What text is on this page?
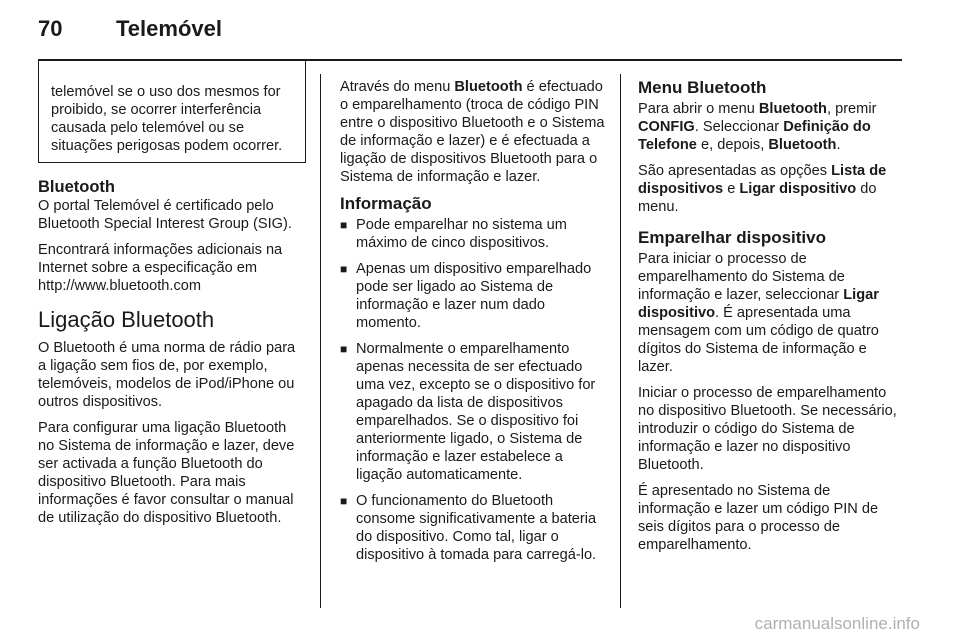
70 Telemóvel

telemóvel se o uso dos mesmos for proibido, se ocorrer interferência causada pelo telemóvel ou se situações perigosas podem ocorrer.

Bluetooth

O portal Telemóvel é certificado pelo Bluetooth Special Interest Group (SIG).

Encontrará informações adicionais na Internet sobre a especificação em http://www.bluetooth.com

Ligação Bluetooth

O Bluetooth é uma norma de rádio para a ligação sem fios de, por exemplo, telemóveis, modelos de iPod/iPhone ou outros dispositivos.

Para configurar uma ligação Bluetooth no Sistema de informação e lazer, deve ser activada a função Bluetooth do dispositivo Bluetooth. Para mais informações é favor consultar o manual de utilização do dispositivo Bluetooth.

Através do menu Bluetooth é efectuado o emparelhamento (troca de código PIN entre o dispositivo Bluetooth e o Sistema de informação e lazer) e é efectuada a ligação de dispositivos Bluetooth para o Sistema de informação e lazer.

Informação
■ Pode emparelhar no sistema um máximo de cinco dispositivos.
■ Apenas um dispositivo emparelhado pode ser ligado ao Sistema de informação e lazer num dado momento.
■ Normalmente o emparelhamento apenas necessita de ser efectuado uma vez, excepto se o dispositivo for apagado da lista de dispositivos emparelhados. Se o dispositivo foi anteriormente ligado, o Sistema de informação e lazer estabelece a ligação automaticamente.
■ O funcionamento do Bluetooth consome significativamente a bateria do dispositivo. Como tal, ligar o dispositivo à tomada para carregá-lo.
Menu Bluetooth

Para abrir o menu Bluetooth, premir CONFIG. Seleccionar Definição do Telefone e, depois, Bluetooth.

São apresentadas as opções Lista de dispositivos e Ligar dispositivo do menu.

Emparelhar dispositivo

Para iniciar o processo de emparelhamento do Sistema de informação e lazer, seleccionar Ligar dispositivo. É apresentada uma mensagem com um código de quatro dígitos do Sistema de informação e lazer.

Iniciar o processo de emparelhamento no dispositivo Bluetooth. Se necessário, introduzir o código do Sistema de informação e lazer no dispositivo Bluetooth.

É apresentado no Sistema de informação e lazer um código PIN de seis dígitos para o processo de emparelhamento.

carmanualsonline.info
